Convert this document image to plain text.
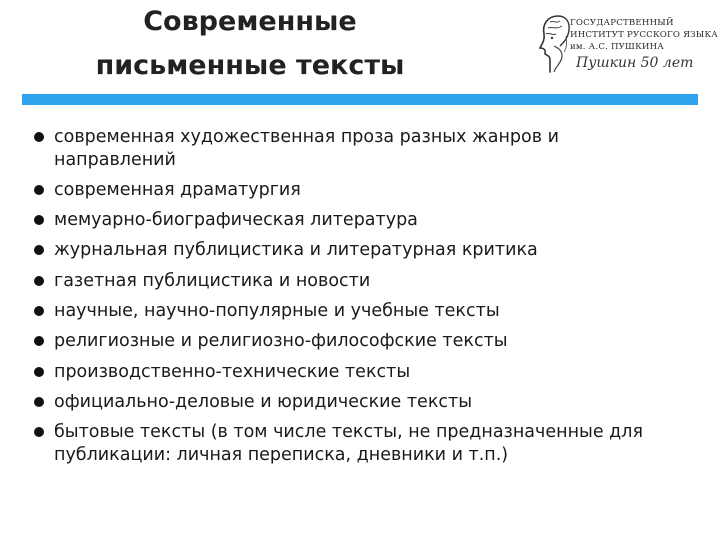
Современные
письменные тексты
ГОСУДАРСТВЕННЫЙ
ИНСТИТУТ РУССКОГО ЯЗЫКА
им. А.С. ПУШКИНА
Пушкин 50 лет
современная художественная проза разных жанров и направлений
современная драматургия
мемуарно-биографическая литература
журнальная публицистика и литературная критика
газетная публицистика и новости
научные, научно-популярные и учебные тексты
религиозные и религиозно-философские тексты
производственно-технические тексты
официально-деловые и юридические тексты
бытовые тексты (в том числе тексты, не предназначенные для публикации: личная переписка, дневники и т.п.)
